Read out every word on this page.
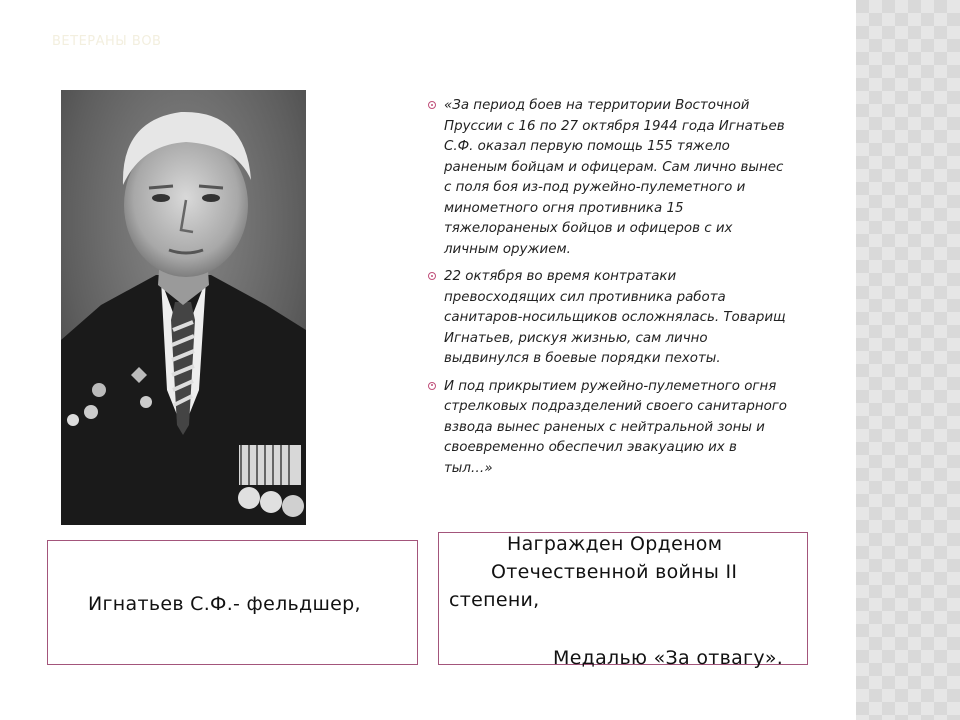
ВЕТЕРАНЫ ВОВ
«За период боев на территории Восточной Пруссии с 16 по 27 октября 1944 года Игнатьев С.Ф. оказал первую помощь 155 тяжело раненым бойцам и офицерам. Сам лично вынес с поля боя из-под ружейно-пулеметного и минометного огня противника 15 тяжелораненых бойцов и офицеров с их личным оружием.
22 октября во время контратаки превосходящих сил противника работа санитаров-носильщиков осложнялась. Товарищ Игнатьев, рискуя жизнью, сам лично выдвинулся в боевые порядки пехоты.
И под прикрытием ружейно-пулеметного огня стрелковых подразделений своего санитарного взвода вынес раненых с нейтральной зоны и своевременно обеспечил эвакуацию их в тыл…»
Игнатьев С.Ф.- фельдшер,
Награжден Орденом
Отечественной войны II
степени,
Медалью «За отвагу».
